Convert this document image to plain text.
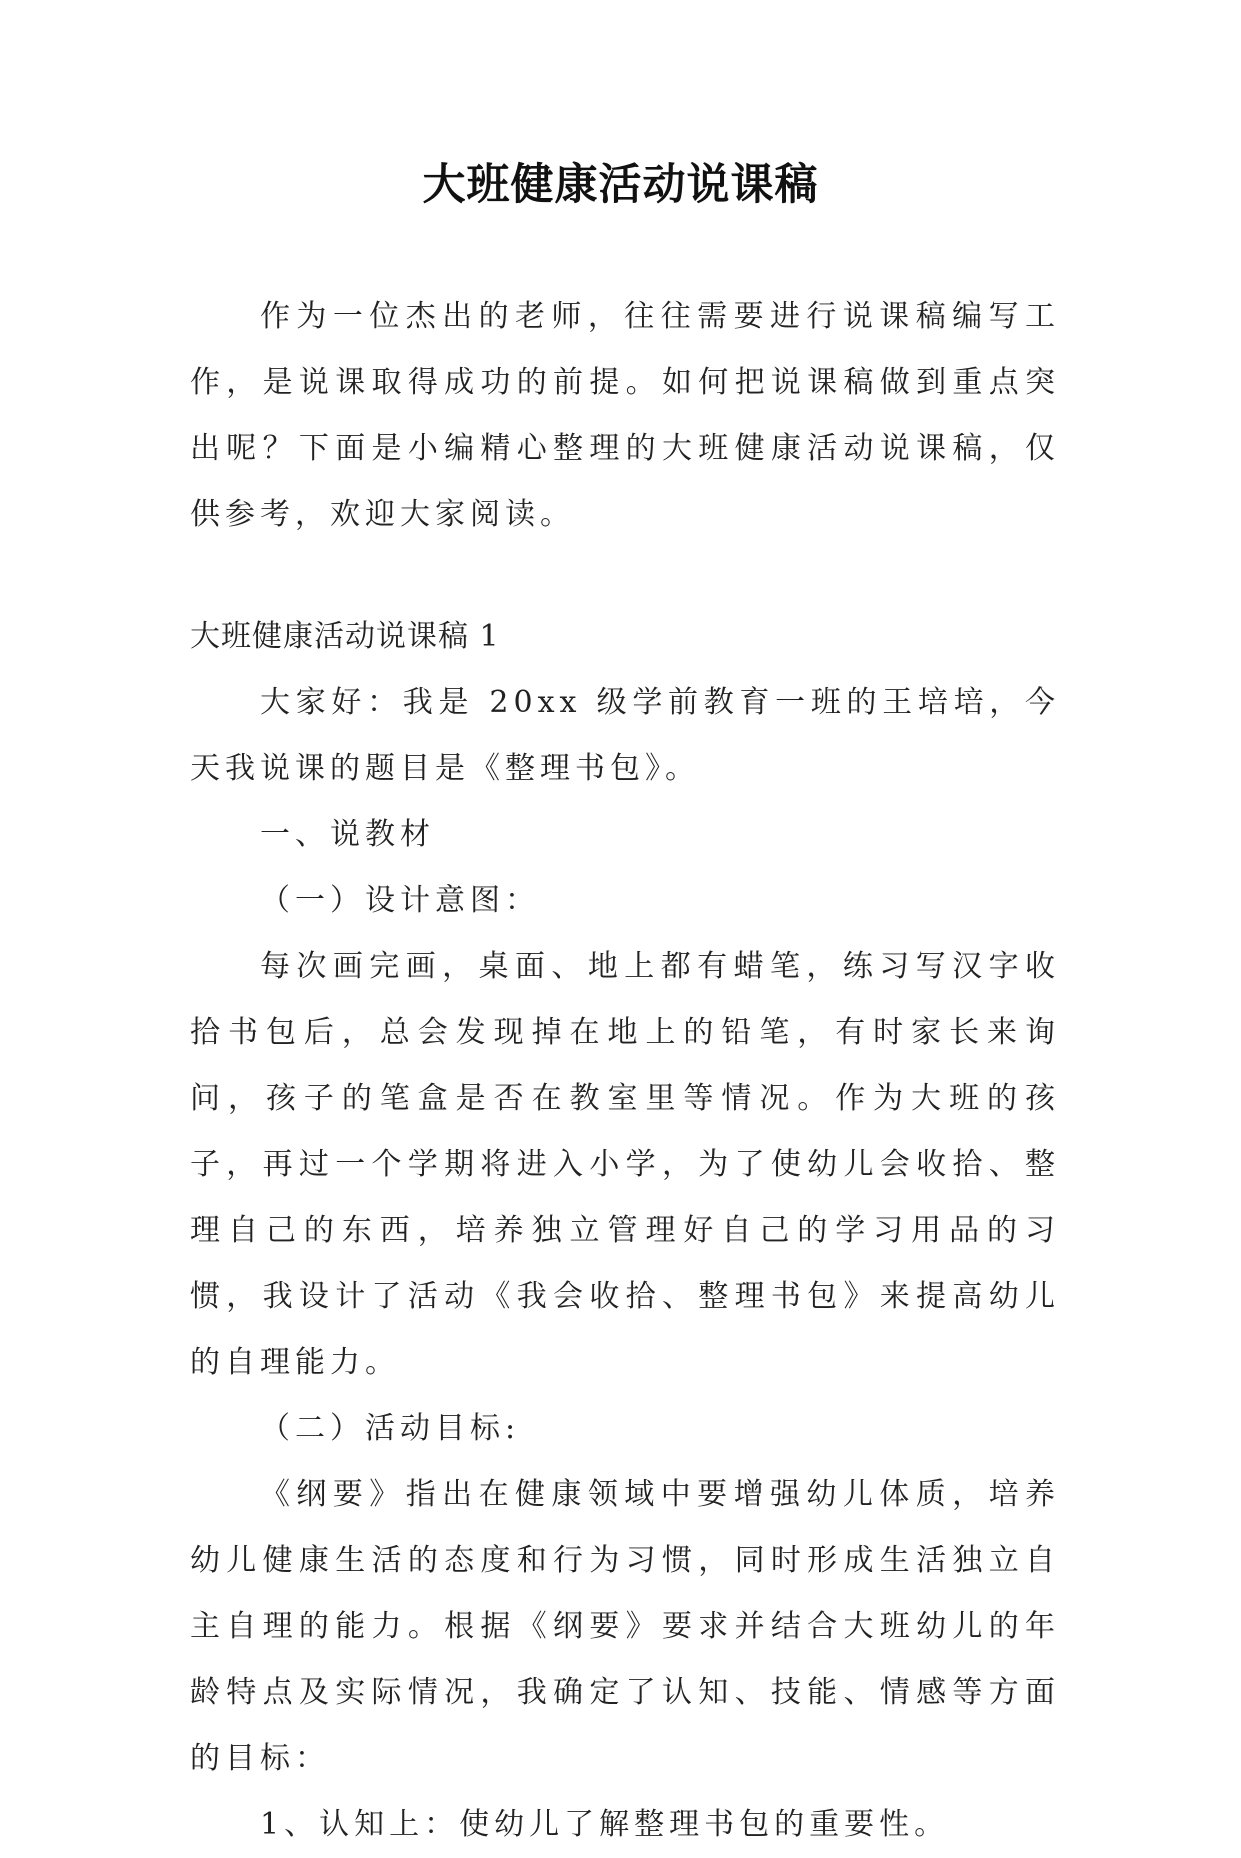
大班健康活动说课稿

作为一位杰出的老师，往往需要进行说课稿编写工作，是说课取得成功的前提。如何把说课稿做到重点突出呢？下面是小编精心整理的大班健康活动说课稿，仅供参考，欢迎大家阅读。

大班健康活动说课稿 1

大家好：我是 20xx 级学前教育一班的王培培，今天我说课的题目是《整理书包》。

一、说教材

（一）设计意图：

每次画完画，桌面、地上都有蜡笔，练习写汉字收拾书包后，总会发现掉在地上的铅笔，有时家长来询问，孩子的笔盒是否在教室里等情况。作为大班的孩子，再过一个学期将进入小学，为了使幼儿会收拾、整理自己的东西，培养独立管理好自己的学习用品的习惯，我设计了活动《我会收拾、整理书包》来提高幼儿的自理能力。

（二）活动目标:

《纲要》指出在健康领域中要增强幼儿体质，培养幼儿健康生活的态度和行为习惯，同时形成生活独立自主自理的能力。根据《纲要》要求并结合大班幼儿的年龄特点及实际情况，我确定了认知、技能、情感等方面的目标：

1、认知上：使幼儿了解整理书包的重要性。
